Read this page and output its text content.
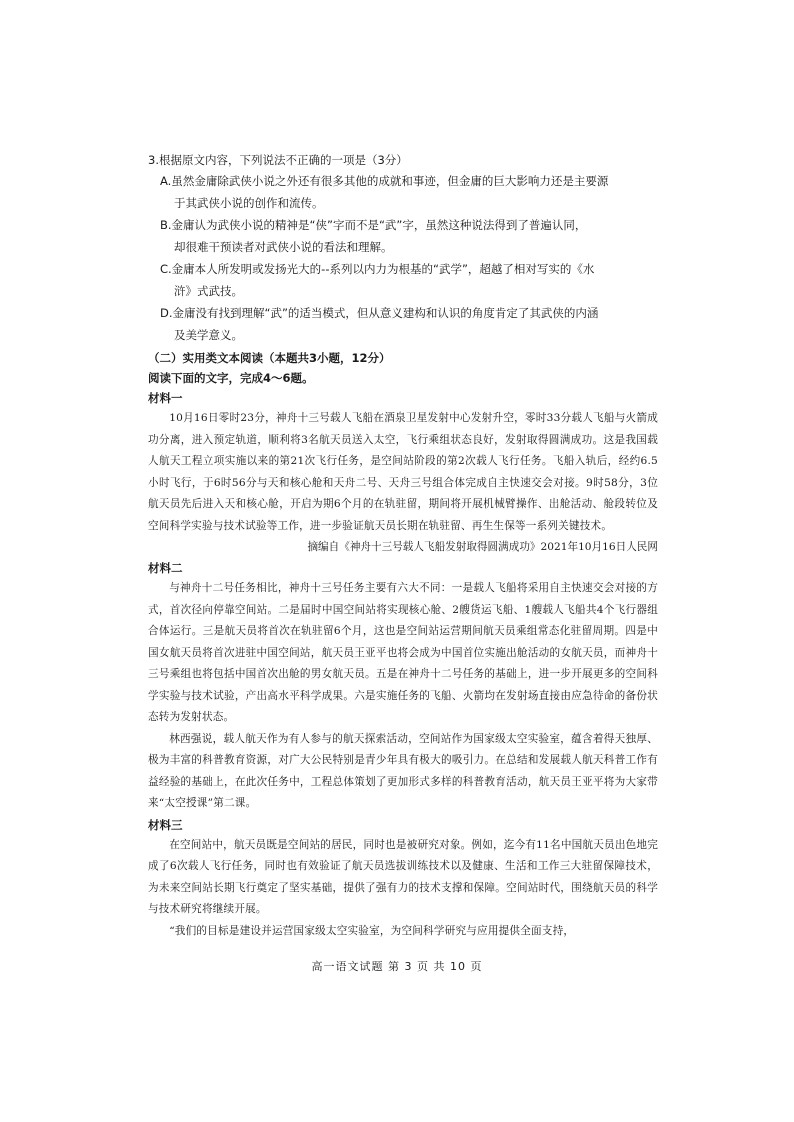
3.根据原文内容，下列说法不正确的一项是（3分）

A.虽然金庸除武侠小说之外还有很多其他的成就和事迹，但金庸的巨大影响力还是主要源
于其武侠小说的创作和流传。

B.金庸认为武侠小说的精神是“侠”字而不是“武”字，虽然这种说法得到了普遍认同，
却很难干预读者对武侠小说的看法和理解。

C.金庸本人所发明或发扬光大的--系列以内力为根基的“武学”，超越了相对写实的《水
浒》式武技。

D.金庸没有找到理解“武”的适当模式，但从意义建构和认识的角度肯定了其武侠的内涵
及美学意义。

（二）实用类文本阅读（本题共3小题，12分）

阅读下面的文字，完成4～6题。

材料一

10月16日零时23分，神舟十三号载人飞船在酒泉卫星发射中心发射升空，零时33分载人飞船与火箭成功分离，进入预定轨道，顺利将3名航天员送入太空，飞行乘组状态良好，发射取得圆满成功。这是我国载人航天工程立项实施以来的第21次飞行任务，是空间站阶段的第2次载人飞行任务。飞船入轨后，经约6.5小时飞行，于6时56分与天和核心舱和天舟二号、天舟三号组合体完成自主快速交会对接。9时58分，3位航天员先后进入天和核心舱，开启为期6个月的在轨驻留，期间将开展机械臂操作、出舱活动、舱段转位及空间科学实验与技术试验等工作，进一步验证航天员长期在轨驻留、再生生保等一系列关键技术。

摘编自《神舟十三号载人飞船发射取得圆满成功》2021年10月16日人民网

材料二

与神舟十二号任务相比，神舟十三号任务主要有六大不同：一是载人飞船将采用自主快速交会对接的方式，首次径向停靠空间站。二是届时中国空间站将实现核心舱、2艘货运飞船、1艘载人飞船共4个飞行器组合体运行。三是航天员将首次在轨驻留6个月，这也是空间站运营期间航天员乘组常态化驻留周期。四是中国女航天员将首次进驻中国空间站，航天员王亚平也将会成为中国首位实施出舱活动的女航天员，而神舟十三号乘组也将包括中国首次出舱的男女航天员。五是在神舟十二号任务的基础上，进一步开展更多的空间科学实验与技术试验，产出高水平科学成果。六是实施任务的飞船、火箭均在发射场直接由应急待命的备份状态转为发射状态。

林西强说，载人航天作为有人参与的航天探索活动，空间站作为国家级太空实验室，蕴含着得天独厚、极为丰富的科普教育资源，对广大公民特别是青少年具有极大的吸引力。在总结和发展载人航天科普工作有益经验的基础上，在此次任务中，工程总体策划了更加形式多样的科普教育活动，航天员王亚平将为大家带来“太空授课”第二课。

材料三

在空间站中，航天员既是空间站的居民，同时也是被研究对象。例如，迄今有11名中国航天员出色地完成了6次载人飞行任务，同时也有效验证了航天员选拔训练技术以及健康、生活和工作三大驻留保障技术，为未来空间站长期飞行奠定了坚实基础，提供了强有力的技术支撑和保障。空间站时代，围绕航天员的科学与技术研究将继续开展。

“我们的目标是建设并运营国家级太空实验室，为空间科学研究与应用提供全面支持，

高一语文试题 第 3 页 共 10 页
